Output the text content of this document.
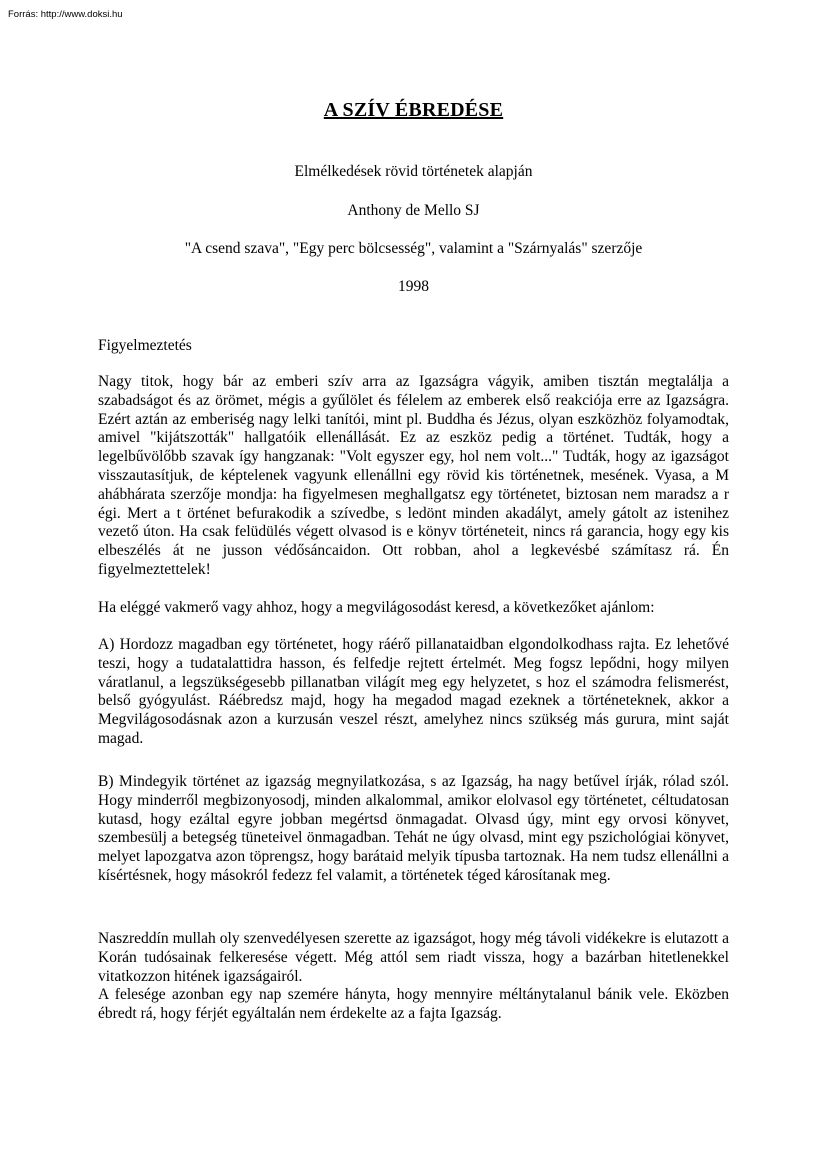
Forrás: http://www.doksi.hu
A SZÍV ÉBREDÉSE
Elmélkedések rövid történetek alapján
Anthony de Mello SJ
"A csend szava", "Egy perc bölcsesség", valamint a "Szárnyalás" szerzője
1998

Figyelmeztetés

Nagy titok, hogy bár az emberi szív arra az Igazságra vágyik, amiben tisztán megtalálja a szabadságot és az örömet, mégis a gyűlölet és félelem az emberek első reakciója erre az Igazságra. Ezért aztán az emberiség nagy lelki tanítói, mint pl. Buddha és Jézus, olyan eszközhöz folyamodtak, amivel "kijátszották" hallgatóik ellenállását. Ez az eszköz pedig a történet. Tudták, hogy a legelbűvölőbb szavak így hangzanak: "Volt egyszer egy, hol nem volt..." Tudták, hogy az igazságot visszautasítjuk, de képtelenek vagyunk ellenállni egy rövid kis történetnek, mesének. Vyasa, a M ahábhárata szerzője mondja: ha figyelmesen meghallgatsz egy történetet, biztosan nem maradsz a r égi. Mert a t örténet befurakodik a szívedbe, s ledönt minden akadályt, amely gátolt az istenihez vezető úton. Ha csak felüdülés végett olvasod is e könyv történeteit, nincs rá garancia, hogy egy kis elbeszélés át ne jusson védősáncaidon. Ott robban, ahol a legkevésbé számítasz rá. Én figyelmeztettelek!

Ha eléggé vakmerő vagy ahhoz, hogy a megvilágosodást keresd, a következőket ajánlom:

A) Hordozz magadban egy történetet, hogy ráérő pillanataidban elgondolkodhass rajta. Ez lehetővé teszi, hogy a tudatalattidra hasson, és felfedje rejtett értelmét. Meg fogsz lepődni, hogy milyen váratlanul, a legszükségesebb pillanatban világít meg egy helyzetet, s hoz el számodra felismerést, belső gyógyulást. Ráébredsz majd, hogy ha megadod magad ezeknek a történeteknek, akkor a Megvilágosodásnak azon a kurzusán veszel részt, amelyhez nincs szükség más gurura, mint saját magad.

B) Mindegyik történet az igazság megnyilatkozása, s az Igazság, ha nagy betűvel írják, rólad szól. Hogy minderről megbizonyosodj, minden alkalommal, amikor elolvasol egy történetet, céltudatosan kutasd, hogy ezáltal egyre jobban megértsd önmagadat. Olvasd úgy, mint egy orvosi könyvet, szembesülj a betegség tüneteivel önmagadban. Tehát ne úgy olvasd, mint egy pszichológiai könyvet, melyet lapozgatva azon töprengsz, hogy barátaid melyik típusba tartoznak. Ha nem tudsz ellenállni a kísértésnek, hogy másokról fedezz fel valamit, a történetek téged károsítanak meg.

Naszreddín mullah oly szenvedélyesen szerette az igazságot, hogy még távoli vidékekre is elutazott a Korán tudósainak felkeresése végett. Még attól sem riadt vissza, hogy a bazárban hitetlenekkel vitatkozzon hitének igazságairól.

A felesége azonban egy nap szemére hányta, hogy mennyire méltánytalanul bánik vele. Eközben ébredt rá, hogy férjét egyáltalán nem érdekelte az a fajta Igazság.
